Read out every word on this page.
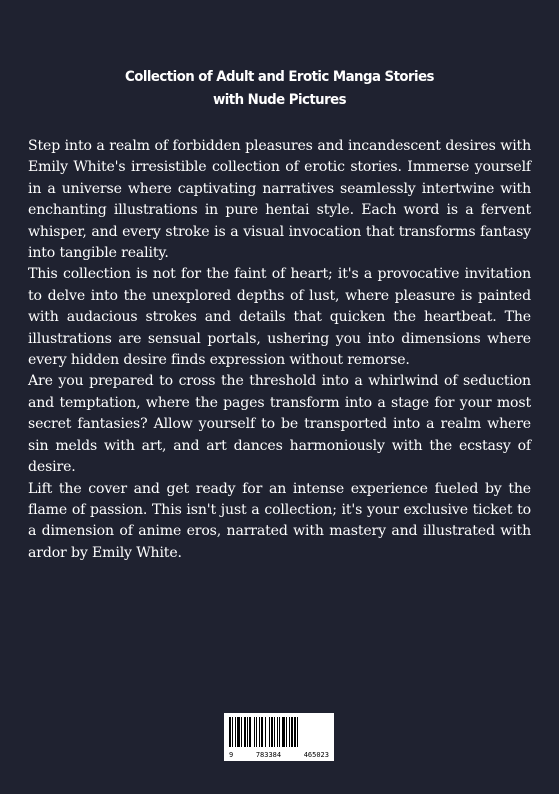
Collection of Adult and Erotic Manga Stories
with Nude Pictures

Step into a realm of forbidden pleasures and incandescent desires with Emily White's irresistible collection of erotic stories. Immerse yourself in a universe where captivating narratives seamlessly intertwine with enchanting illustrations in pure hentai style. Each word is a fervent whisper, and every stroke is a visual invocation that transforms fantasy into tangible reality.

This collection is not for the faint of heart; it's a provocative invitation to delve into the unexplored depths of lust, where pleasure is painted with audacious strokes and details that quicken the heartbeat. The illustrations are sensual portals, ushering you into dimensions where every hidden desire finds expression without remorse.

Are you prepared to cross the threshold into a whirlwind of seduction and temptation, where the pages transform into a stage for your most secret fantasies? Allow yourself to be transported into a realm where sin melds with art, and art dances harmoniously with the ecstasy of desire.

Lift the cover and get ready for an intense experience fueled by the flame of passion. This isn't just a collection; it's your exclusive ticket to a dimension of anime eros, narrated with mastery and illustrated with ardor by Emily White.

9	783384	465023
